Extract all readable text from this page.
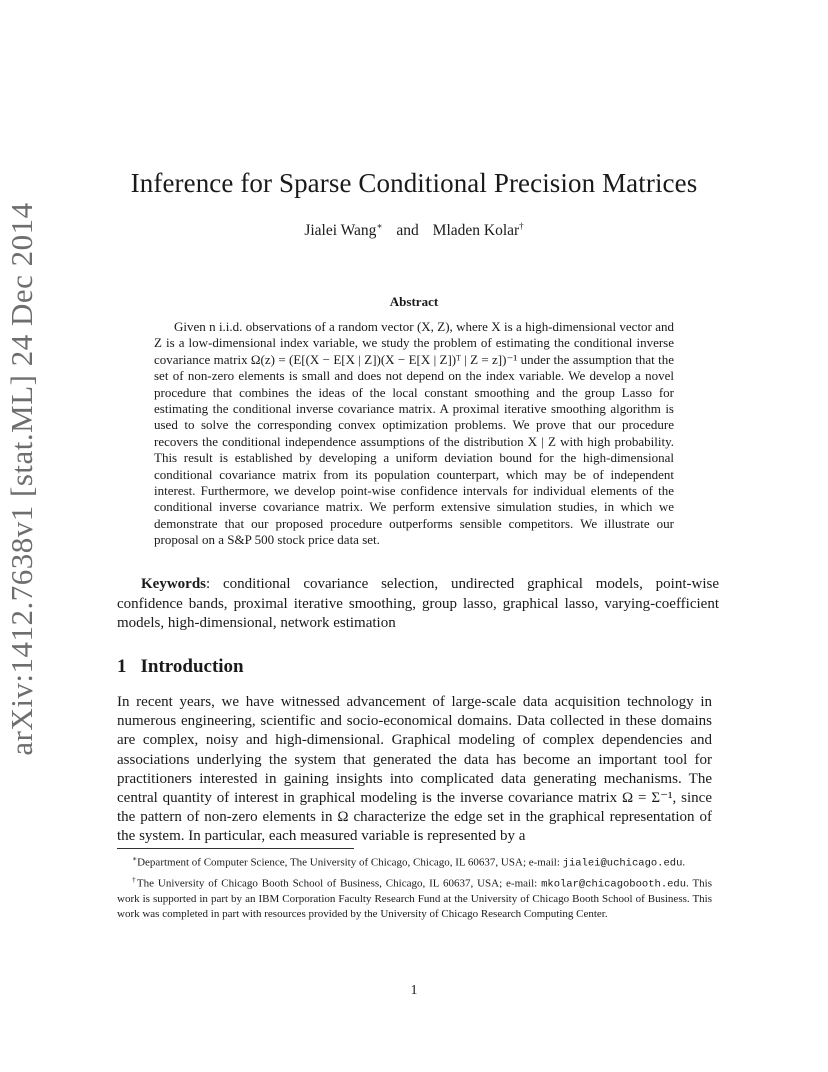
arXiv:1412.7638v1 [stat.ML] 24 Dec 2014
Inference for Sparse Conditional Precision Matrices
Jialei Wang∗ and Mladen Kolar†
Abstract

Given n i.i.d. observations of a random vector (X, Z), where X is a high-dimensional vector and Z is a low-dimensional index variable, we study the problem of estimating the conditional inverse covariance matrix Ω(z) = (E[(X − E[X | Z])(X − E[X | Z])ᵀ | Z = z])⁻¹ under the assumption that the set of non-zero elements is small and does not depend on the index variable. We develop a novel procedure that combines the ideas of the local constant smoothing and the group Lasso for estimating the conditional inverse covariance matrix. A proximal iterative smoothing algorithm is used to solve the corresponding convex optimization problems. We prove that our procedure recovers the conditional independence assumptions of the distribution X | Z with high probability. This result is established by developing a uniform deviation bound for the high-dimensional conditional covariance matrix from its population counterpart, which may be of independent interest. Furthermore, we develop point-wise confidence intervals for individual elements of the conditional inverse covariance matrix. We perform extensive simulation studies, in which we demonstrate that our proposed procedure outperforms sensible competitors. We illustrate our proposal on a S&P 500 stock price data set.

Keywords: conditional covariance selection, undirected graphical models, point-wise confidence bands, proximal iterative smoothing, group lasso, graphical lasso, varying-coefficient models, high-dimensional, network estimation

1 Introduction

In recent years, we have witnessed advancement of large-scale data acquisition technology in numerous engineering, scientific and socio-economical domains. Data collected in these domains are complex, noisy and high-dimensional. Graphical modeling of complex dependencies and associations underlying the system that generated the data has become an important tool for practitioners interested in gaining insights into complicated data generating mechanisms. The central quantity of interest in graphical modeling is the inverse covariance matrix Ω = Σ⁻¹, since the pattern of non-zero elements in Ω characterize the edge set in the graphical representation of the system. In particular, each measured variable is represented by a

∗Department of Computer Science, The University of Chicago, Chicago, IL 60637, USA; e-mail: jialei@uchicago.edu.

†The University of Chicago Booth School of Business, Chicago, IL 60637, USA; e-mail: mkolar@chicagobooth.edu. This work is supported in part by an IBM Corporation Faculty Research Fund at the University of Chicago Booth School of Business. This work was completed in part with resources provided by the University of Chicago Research Computing Center.

1
